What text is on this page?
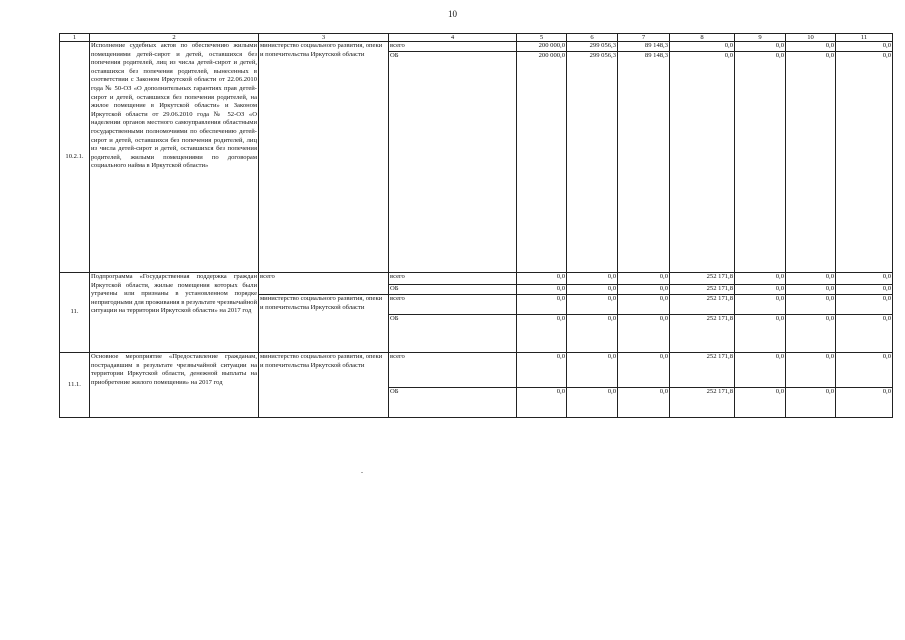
10
1	2	3	4	5	6	7	8	9	10	11
10.2.1.	Исполнение судебных актов по обеспечению жилыми помещениями детей-сирот и детей, оставшихся без попечения родителей, лиц из числа детей-сирот и детей, оставшихся без попечения родителей, вынесенных в соответствии с Законом Иркутской области от 22.06.2010 года № 50-ОЗ «О дополнительных гарантиях прав детей-сирот и детей, оставшихся без попечения родителей, на жилое помещение в Иркутской области» и Законом Иркутской области от 29.06.2010 года № 52-ОЗ «О наделении органов местного самоуправления областными государственными полномочиями по обеспечению детей-сирот и детей, оставшихся без попечения родителей, лиц из числа детей-сирот и детей, оставшихся без попечения родителей, жилыми помещениями по договорам социального найма в Иркутской области»	министерство социального развития, опеки и попечительства Иркутской области	всего	200 000,0	299 056,3	89 148,3	0,0	0,0	0,0	0,0
			ОБ	200 000,0	299 056,3	89 148,3	0,0	0,0	0,0	0,0
11.	Подпрограмма «Государственная поддержка граждан Иркутской области, жилые помещения которых были утрачены или признаны в установленном порядке непригодными для проживания в результате чрезвычайной ситуации на территории Иркутской области» на 2017 год	всего	всего	0,0	0,0	0,0	252 171,8	0,0	0,0	0,0
			ОБ	0,0	0,0	0,0	252 171,8	0,0	0,0	0,0
		министерство социального развития, опеки и попечительства Иркутской области	всего	0,0	0,0	0,0	252 171,8	0,0	0,0	0,0
			ОБ	0,0	0,0	0,0	252 171,8	0,0	0,0	0,0
11.1.	Основное мероприятие «Предоставление гражданам, пострадавшим в результате чрезвычайной ситуации на территории Иркутской области, денежной выплаты на приобретение жилого помещения» на 2017 год	министерство социального развития, опеки и попечительства Иркутской области	всего	0,0	0,0	0,0	252 171,8	0,0	0,0	0,0
			ОБ	0,0	0,0	0,0	252 171,8	0,0	0,0	0,0
-
